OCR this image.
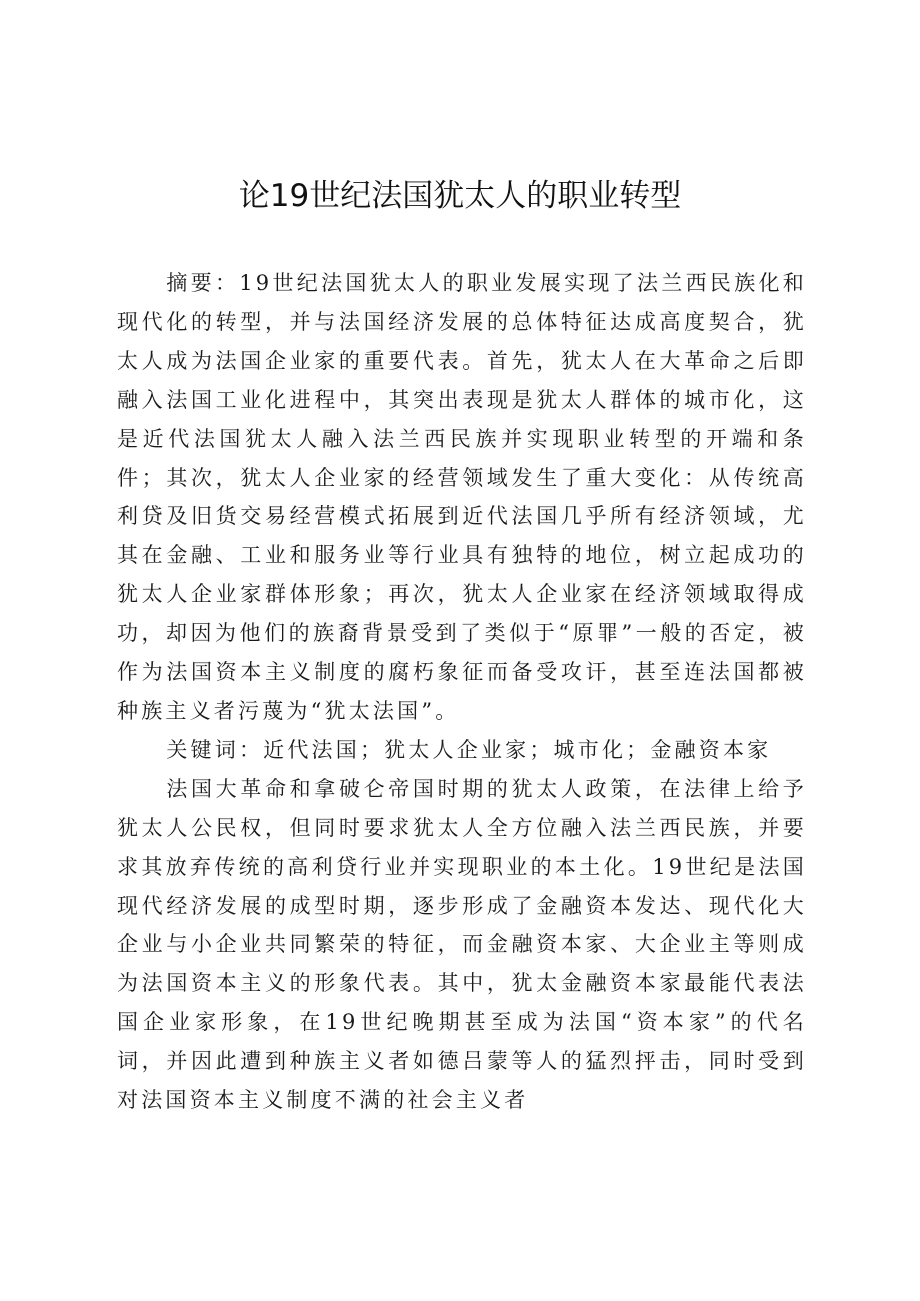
论19世纪法国犹太人的职业转型

摘要：19世纪法国犹太人的职业发展实现了法兰西民族化和现代化的转型，并与法国经济发展的总体特征达成高度契合，犹太人成为法国企业家的重要代表。首先，犹太人在大革命之后即融入法国工业化进程中，其突出表现是犹太人群体的城市化，这是近代法国犹太人融入法兰西民族并实现职业转型的开端和条件；其次，犹太人企业家的经营领域发生了重大变化：从传统高利贷及旧货交易经营模式拓展到近代法国几乎所有经济领域，尤其在金融、工业和服务业等行业具有独特的地位，树立起成功的犹太人企业家群体形象；再次，犹太人企业家在经济领域取得成功，却因为他们的族裔背景受到了类似于“原罪”一般的否定，被作为法国资本主义制度的腐朽象征而备受攻讦，甚至连法国都被种族主义者污蔑为“犹太法国”。

关键词：近代法国；犹太人企业家；城市化；金融资本家

法国大革命和拿破仑帝国时期的犹太人政策，在法律上给予犹太人公民权，但同时要求犹太人全方位融入法兰西民族，并要求其放弃传统的高利贷行业并实现职业的本土化。19世纪是法国现代经济发展的成型时期，逐步形成了金融资本发达、现代化大企业与小企业共同繁荣的特征，而金融资本家、大企业主等则成为法国资本主义的形象代表。其中，犹太金融资本家最能代表法国企业家形象，在19世纪晚期甚至成为法国“资本家”的代名词，并因此遭到种族主义者如德吕蒙等人的猛烈抨击，同时受到对法国资本主义制度不满的社会主义者
